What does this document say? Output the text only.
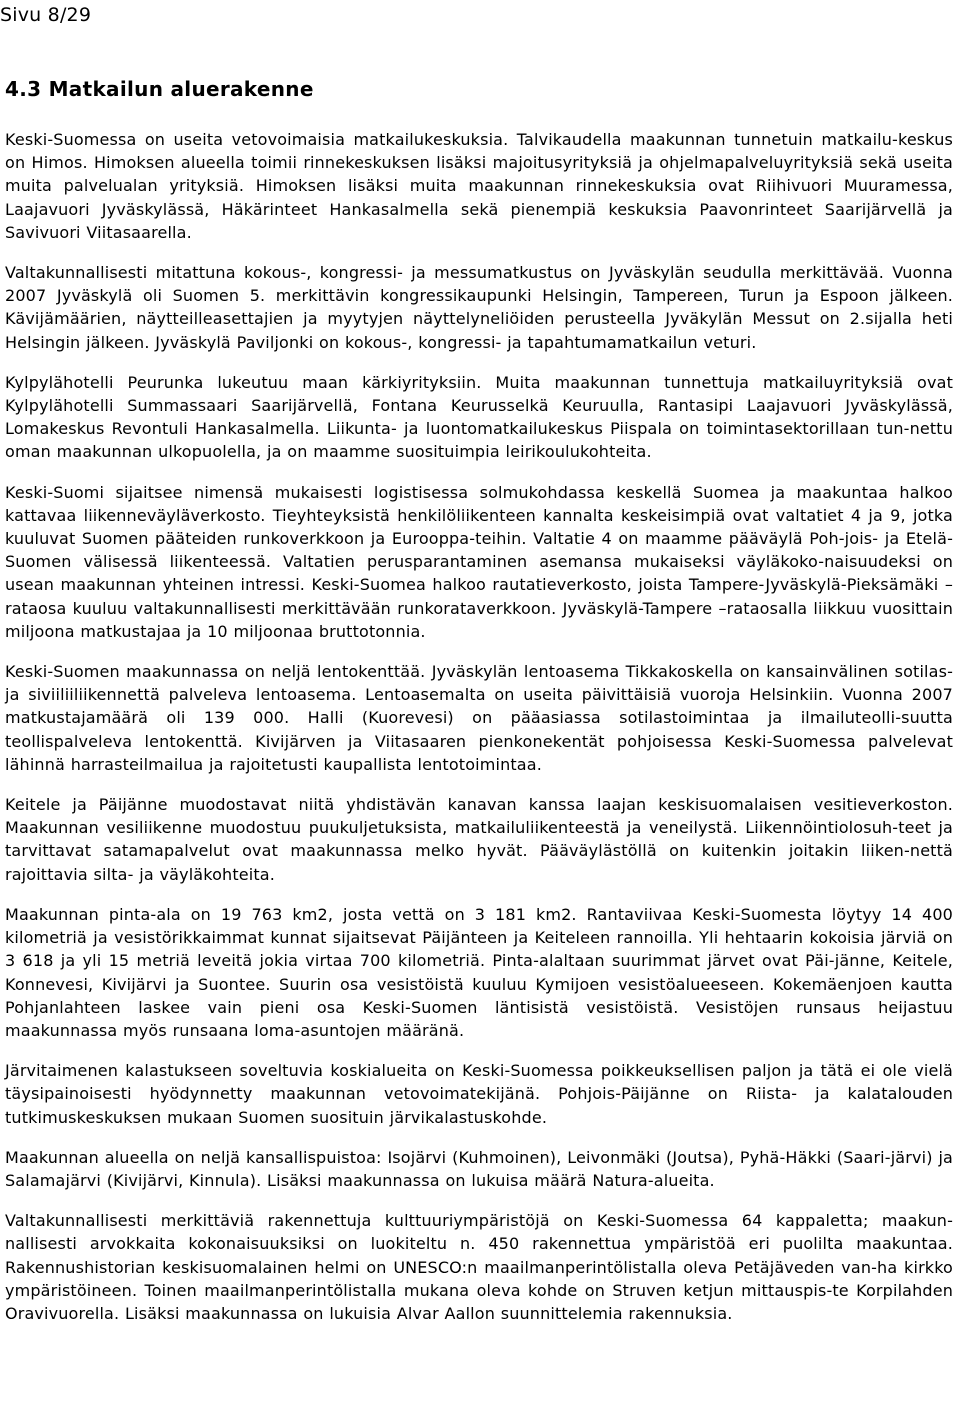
Sivu 8/29
4.3 Matkailun aluerakenne

Keski-Suomessa on useita vetovoimaisia matkailukeskuksia. Talvikaudella maakunnan tunnetuin matkailu-keskus on Himos. Himoksen alueella toimii rinnekeskuksen lisäksi majoitusyrityksiä ja ohjelmapalveluyrityksiä sekä useita muita palvelualan yrityksiä. Himoksen lisäksi muita maakunnan rinnekeskuksia ovat Riihivuori Muuramessa, Laajavuori Jyväskylässä, Häkärinteet Hankasalmella sekä pienempiä keskuksia Paavonrinteet Saarijärvellä ja Savivuori Viitasaarella.

Valtakunnallisesti mitattuna kokous-, kongressi- ja messumatkustus on Jyväskylän seudulla merkittävää. Vuonna 2007 Jyväskylä oli Suomen 5. merkittävin kongressikaupunki Helsingin, Tampereen, Turun ja Espoon jälkeen. Kävijämäärien, näytteilleasettajien ja myytyjen näyttelyneliöiden perusteella Jyväkylän Messut on 2.sijalla heti Helsingin jälkeen. Jyväskylä Paviljonki on kokous-, kongressi- ja tapahtumamatkailun veturi.

Kylpylähotelli Peurunka lukeutuu maan kärkiyrityksiin. Muita maakunnan tunnettuja matkailuyrityksiä ovat Kylpylähotelli Summassaari Saarijärvellä, Fontana Keurusselkä Keuruulla, Rantasipi Laajavuori Jyväskylässä, Lomakeskus Revontuli Hankasalmella. Liikunta- ja luontomatkailukeskus Piispala on toimintasektorillaan tun-nettu oman maakunnan ulkopuolella, ja on maamme suosituimpia leirikoulukohteita.

Keski-Suomi sijaitsee nimensä mukaisesti logistisessa solmukohdassa keskellä Suomea ja maakuntaa halkoo kattavaa liikenneväyläverkosto. Tieyhteyksistä henkilöliikenteen kannalta keskeisimpiä ovat valtatiet 4 ja 9, jotka kuuluvat Suomen pääteiden runkoverkkoon ja Eurooppa-teihin. Valtatie 4 on maamme pääväylä Poh-jois- ja Etelä-Suomen välisessä liikenteessä. Valtatien perusparantaminen asemansa mukaiseksi väyläkoko-naisuudeksi on usean maakunnan yhteinen intressi. Keski-Suomea halkoo rautatieverkosto, joista Tampere-Jyväskylä-Pieksämäki –rataosa kuuluu valtakunnallisesti merkittävään runkorataverkkoon. Jyväskylä-Tampere –rataosalla liikkuu vuosittain miljoona matkustajaa ja 10 miljoonaa bruttotonnia.

Keski-Suomen maakunnassa on neljä lentokenttää. Jyväskylän lentoasema Tikkakoskella on kansainvälinen sotilas- ja siviiliiliikennettä palveleva lentoasema. Lentoasemalta on useita päivittäisiä vuoroja Helsinkiin. Vuonna 2007 matkustajamäärä oli 139 000. Halli (Kuorevesi) on pääasiassa sotilastoimintaa ja ilmailuteolli-suutta teollispalveleva lentokenttä. Kivijärven ja Viitasaaren pienkonekentät pohjoisessa Keski-Suomessa palvelevat lähinnä harrasteilmailua ja rajoitetusti kaupallista lentotoimintaa.

Keitele ja Päijänne muodostavat niitä yhdistävän kanavan kanssa laajan keskisuomalaisen vesitieverkoston. Maakunnan vesiliikenne muodostuu puukuljetuksista, matkailuliikenteestä ja veneilystä. Liikennöintiolosuh-teet ja tarvittavat satamapalvelut ovat maakunnassa melko hyvät. Pääväylästöllä on kuitenkin joitakin liiken-nettä rajoittavia silta- ja väyläkohteita.

Maakunnan pinta-ala on 19 763 km2, josta vettä on 3 181 km2. Rantaviivaa Keski-Suomesta löytyy 14 400 kilometriä ja vesistörikkaimmat kunnat sijaitsevat Päijänteen ja Keiteleen rannoilla. Yli hehtaarin kokoisia järviä on 3 618 ja yli 15 metriä leveitä jokia virtaa 700 kilometriä. Pinta-alaltaan suurimmat järvet ovat Päi-jänne, Keitele, Konnevesi, Kivijärvi ja Suontee. Suurin osa vesistöistä kuuluu Kymijoen vesistöalueeseen. Kokemäenjoen kautta Pohjanlahteen laskee vain pieni osa Keski-Suomen läntisistä vesistöistä. Vesistöjen runsaus heijastuu maakunnassa myös runsaana loma-asuntojen määränä.

Järvitaimenen kalastukseen soveltuvia koskialueita on Keski-Suomessa poikkeuksellisen paljon ja tätä ei ole vielä täysipainoisesti hyödynnetty maakunnan vetovoimatekijänä. Pohjois-Päijänne on Riista- ja kalatalouden tutkimuskeskuksen mukaan Suomen suosituin järvikalastuskohde.

Maakunnan alueella on neljä kansallispuistoa: Isojärvi (Kuhmoinen), Leivonmäki (Joutsa), Pyhä-Häkki (Saari-järvi) ja Salamajärvi (Kivijärvi, Kinnula). Lisäksi maakunnassa on lukuisa määrä Natura-alueita.

Valtakunnallisesti merkittäviä rakennettuja kulttuuriympäristöjä on Keski-Suomessa 64 kappaletta; maakun-nallisesti arvokkaita kokonaisuuksiksi on luokiteltu n. 450 rakennettua ympäristöä eri puolilta maakuntaa. Rakennushistorian keskisuomalainen helmi on UNESCO:n maailmanperintölistalla oleva Petäjäveden van-ha kirkko ympäristöineen. Toinen maailmanperintölistalla mukana oleva kohde on Struven ketjun mittauspis-te Korpilahden Oravivuorella. Lisäksi maakunnassa on lukuisia Alvar Aallon suunnittelemia rakennuksia.
